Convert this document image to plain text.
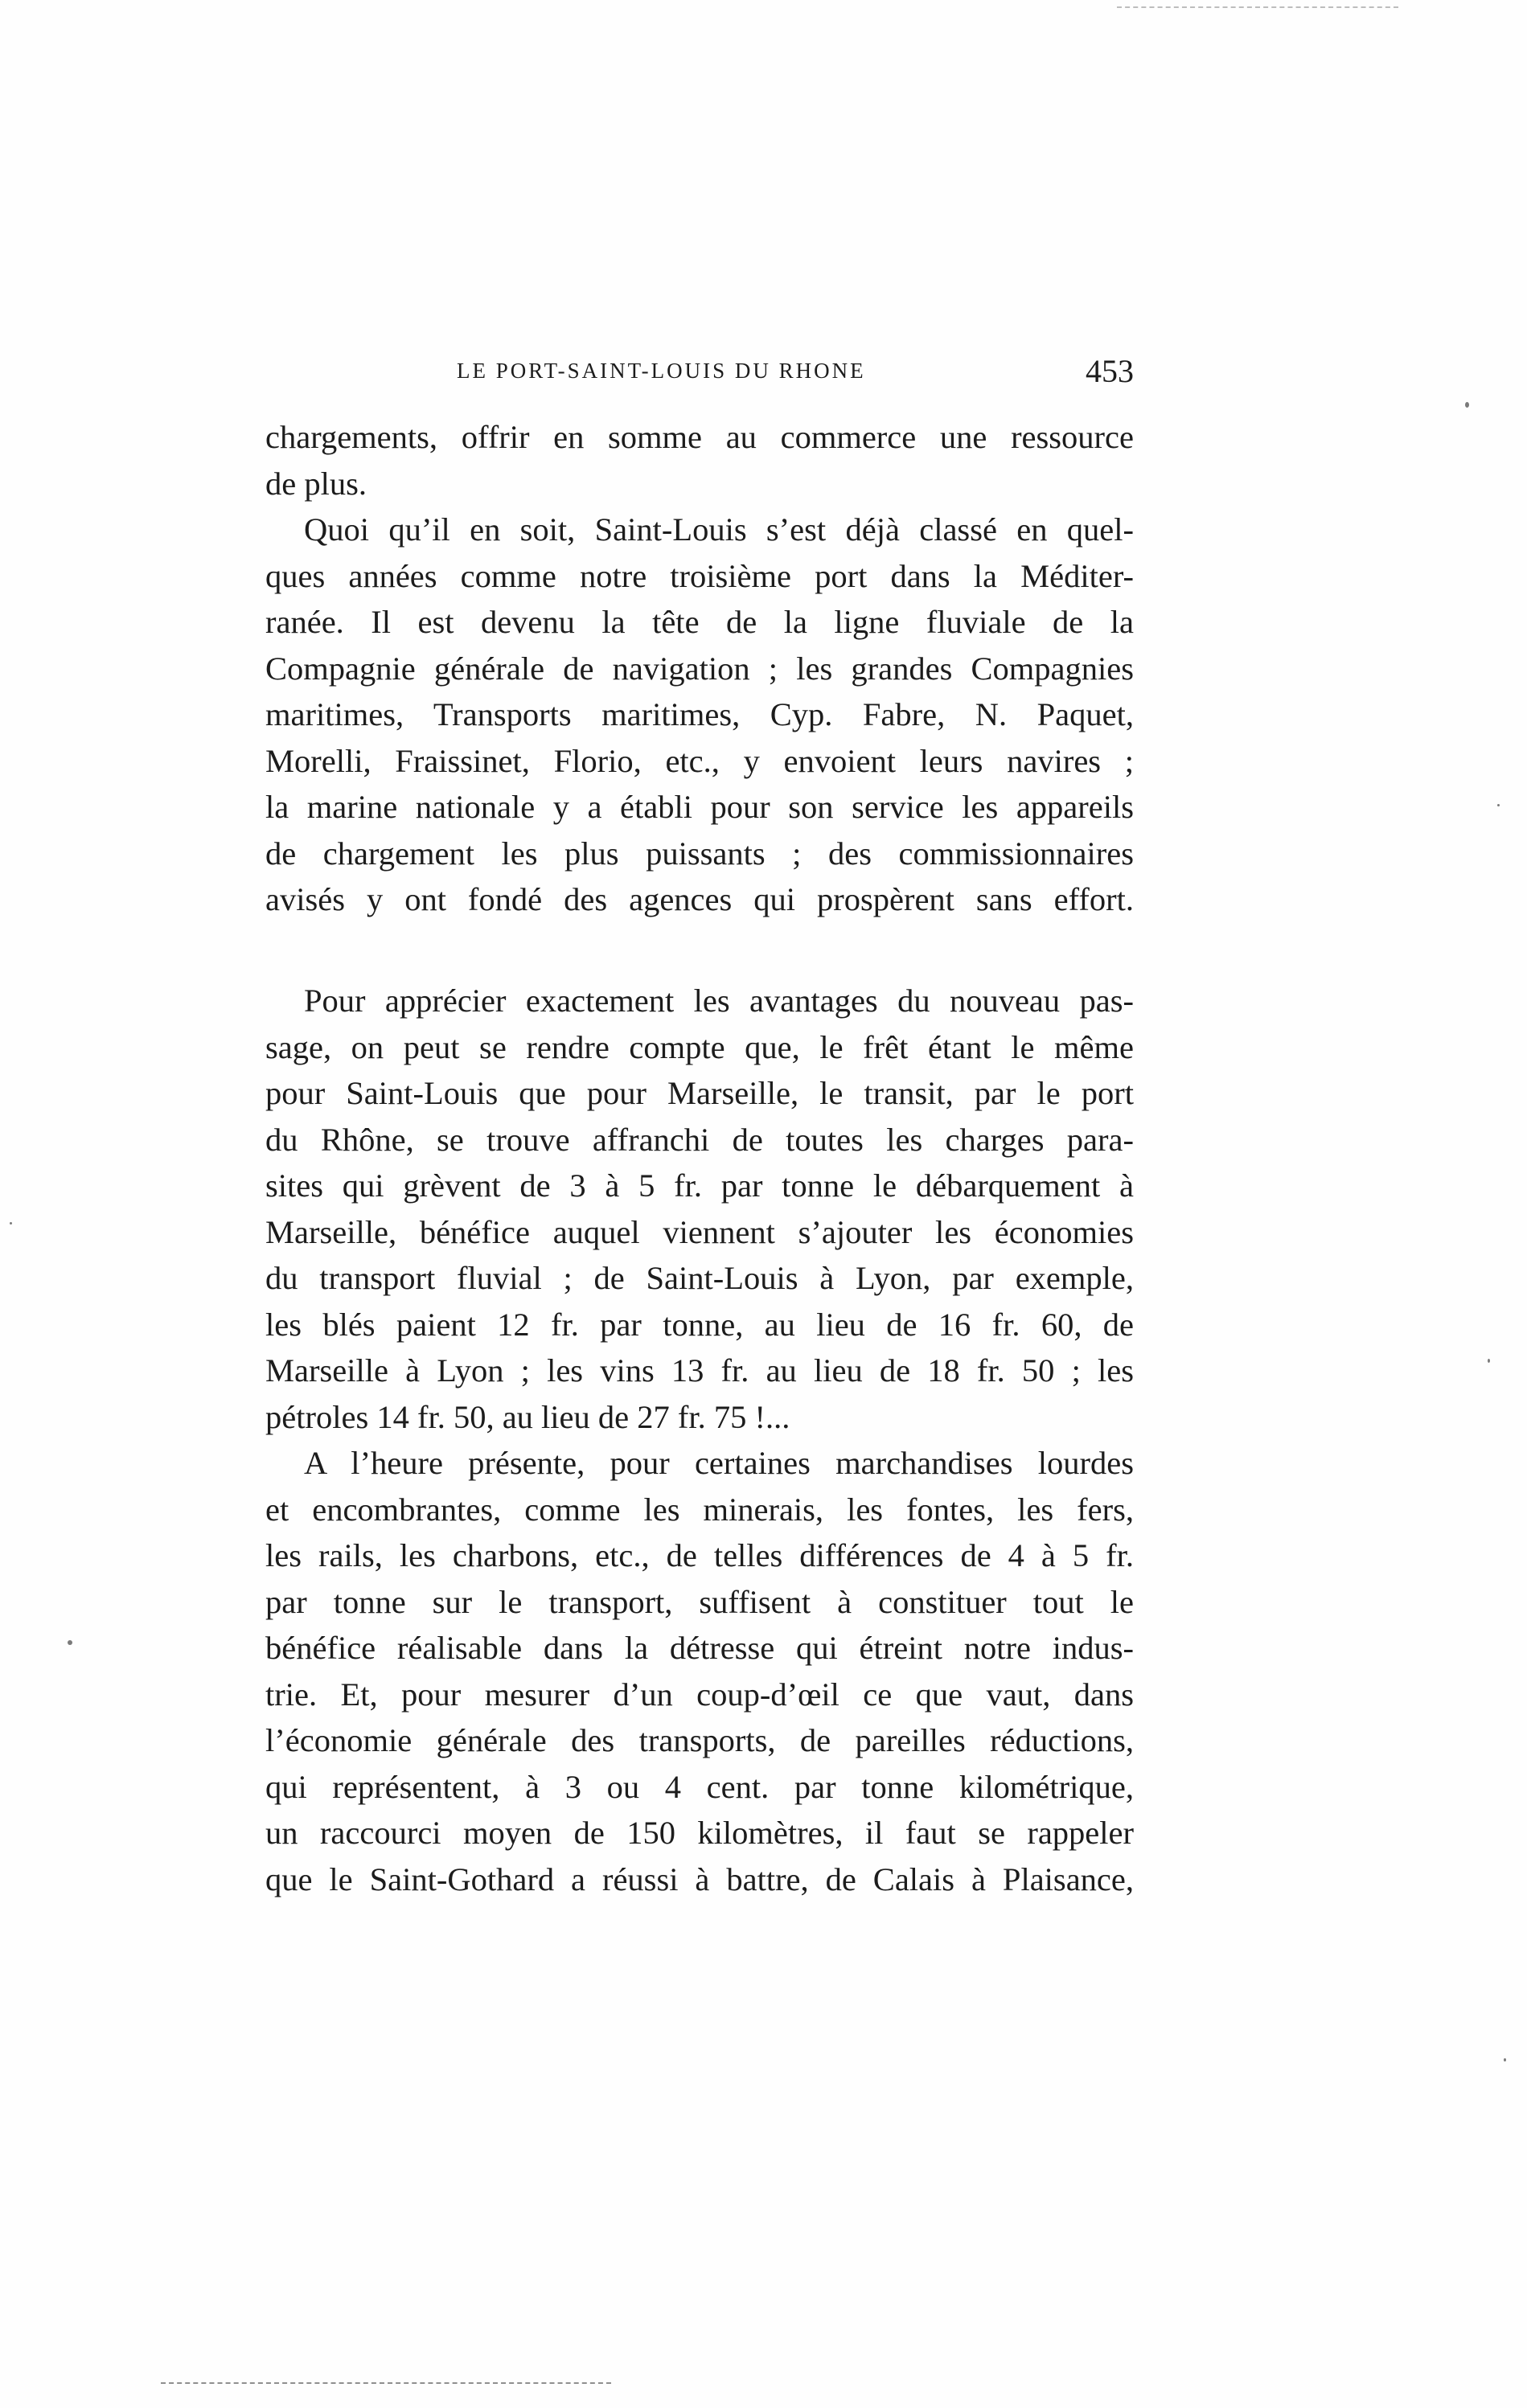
LE PORT-SAINT-LOUIS DU RHONE	453

chargements, offrir en somme au commerce une ressource
de plus.

Quoi qu’il en soit, Saint-Louis s’est déjà classé en quel-
ques années comme notre troisième port dans la Méditer-
ranée. Il est devenu la tête de la ligne fluviale de la
Compagnie générale de navigation ; les grandes Compagnies
maritimes, Transports maritimes, Cyp. Fabre, N. Paquet,
Morelli, Fraissinet, Florio, etc., y envoient leurs navires ;
la marine nationale y a établi pour son service les appareils
de chargement les plus puissants ; des commissionnaires
avisés y ont fondé des agences qui prospèrent sans effort.

Pour apprécier exactement les avantages du nouveau pas-
sage, on peut se rendre compte que, le frêt étant le même
pour Saint-Louis que pour Marseille, le transit, par le port
du Rhône, se trouve affranchi de toutes les charges para-
sites qui grèvent de 3 à 5 fr. par tonne le débarquement à
Marseille, bénéfice auquel viennent s’ajouter les économies
du transport fluvial ; de Saint-Louis à Lyon, par exemple,
les blés paient 12 fr. par tonne, au lieu de 16 fr. 60, de
Marseille à Lyon ; les vins 13 fr. au lieu de 18 fr. 50 ; les
pétroles 14 fr. 50, au lieu de 27 fr. 75 !...

A l’heure présente, pour certaines marchandises lourdes
et encombrantes, comme les minerais, les fontes, les fers,
les rails, les charbons, etc., de telles différences de 4 à 5 fr.
par tonne sur le transport, suffisent à constituer tout le
bénéfice réalisable dans la détresse qui étreint notre indus-
trie. Et, pour mesurer d’un coup-d’œil ce que vaut, dans
l’économie générale des transports, de pareilles réductions,
qui représentent, à 3 ou 4 cent. par tonne kilométrique,
un raccourci moyen de 150 kilomètres, il faut se rappeler
que le Saint-Gothard a réussi à battre, de Calais à Plaisance,
